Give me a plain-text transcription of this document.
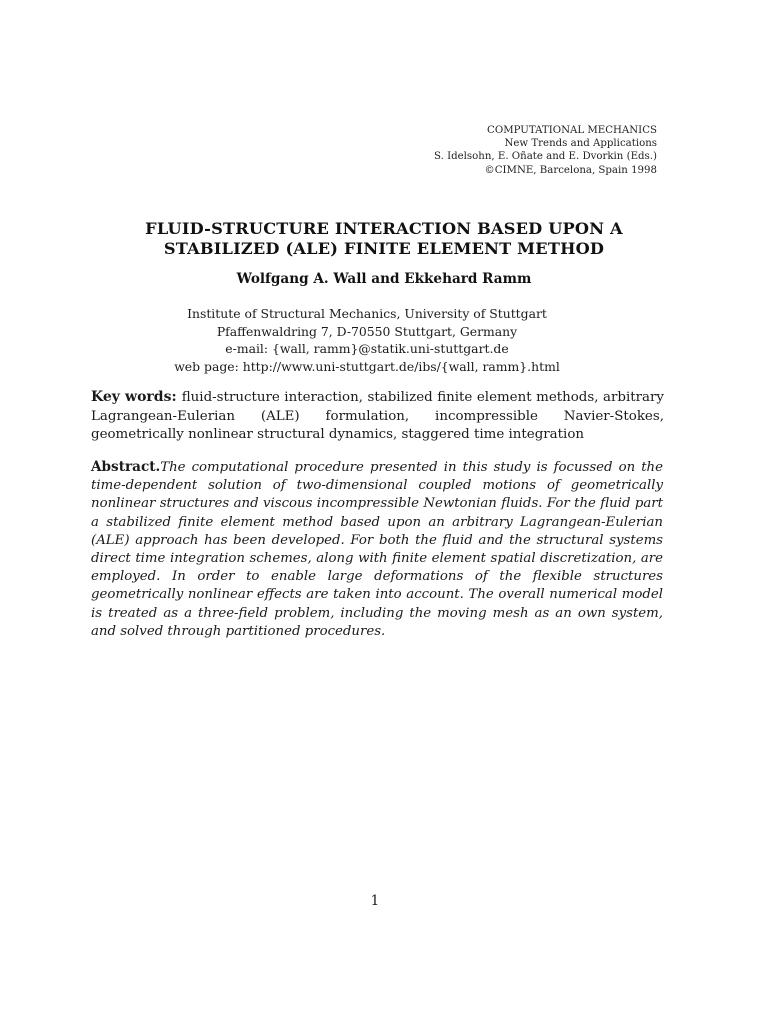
COMPUTATIONAL MECHANICS
New Trends and Applications
S. Idelsohn, E. Oñate and E. Dvorkin (Eds.)
©CIMNE, Barcelona, Spain 1998
FLUID-STRUCTURE INTERACTION BASED UPON A
STABILIZED (ALE) FINITE ELEMENT METHOD
Wolfgang A. Wall and Ekkehard Ramm
Institute of Structural Mechanics, University of Stuttgart
Pfaffenwaldring 7, D-70550 Stuttgart, Germany
e-mail: {wall, ramm}@statik.uni-stuttgart.de
web page: http://www.uni-stuttgart.de/ibs/{wall, ramm}.html
Key words: fluid-structure interaction, stabilized finite element methods, arbitrary Lagrangean-Eulerian (ALE) formulation, incompressible Navier-Stokes, geometrically nonlinear structural dynamics, staggered time integration
Abstract.The computational procedure presented in this study is focussed on the time-dependent solution of two-dimensional coupled motions of geometrically nonlinear structures and viscous incompressible Newtonian fluids. For the fluid part a stabilized finite element method based upon an arbitrary Lagrangean-Eulerian (ALE) approach has been developed. For both the fluid and the structural systems direct time integration schemes, along with finite element spatial discretization, are employed. In order to enable large deformations of the flexible structures geometrically nonlinear effects are taken into account. The overall numerical model is treated as a three-field problem, including the moving mesh as an own system, and solved through partitioned procedures.
1
